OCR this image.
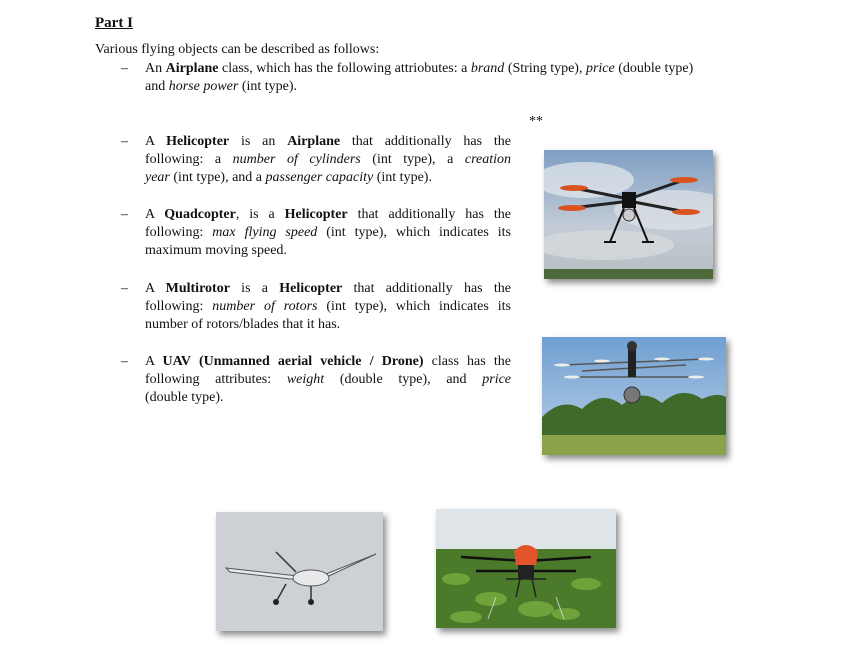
Part I
Various flying objects can be described as follows:
– An Airplane class, which has the following attriobutes: a brand (String type), price (double type)
and horse power (int type).
**
– A Helicopter is an Airplane that additionally has the
following: a number of cylinders (int type), a creation
year (int type), and a passenger capacity (int type).
– A Quadcopter, is a Helicopter that additionally has the
following: max flying speed (int type), which indicates its
maximum moving speed.
– A Multirotor is a Helicopter that additionally has the
following: number of rotors (int type), which indicates its
number of rotors/blades that it has.
– A UAV (Unmanned aerial vehicle / Drone) class has the
following attributes: weight (double type), and price
(double type).
